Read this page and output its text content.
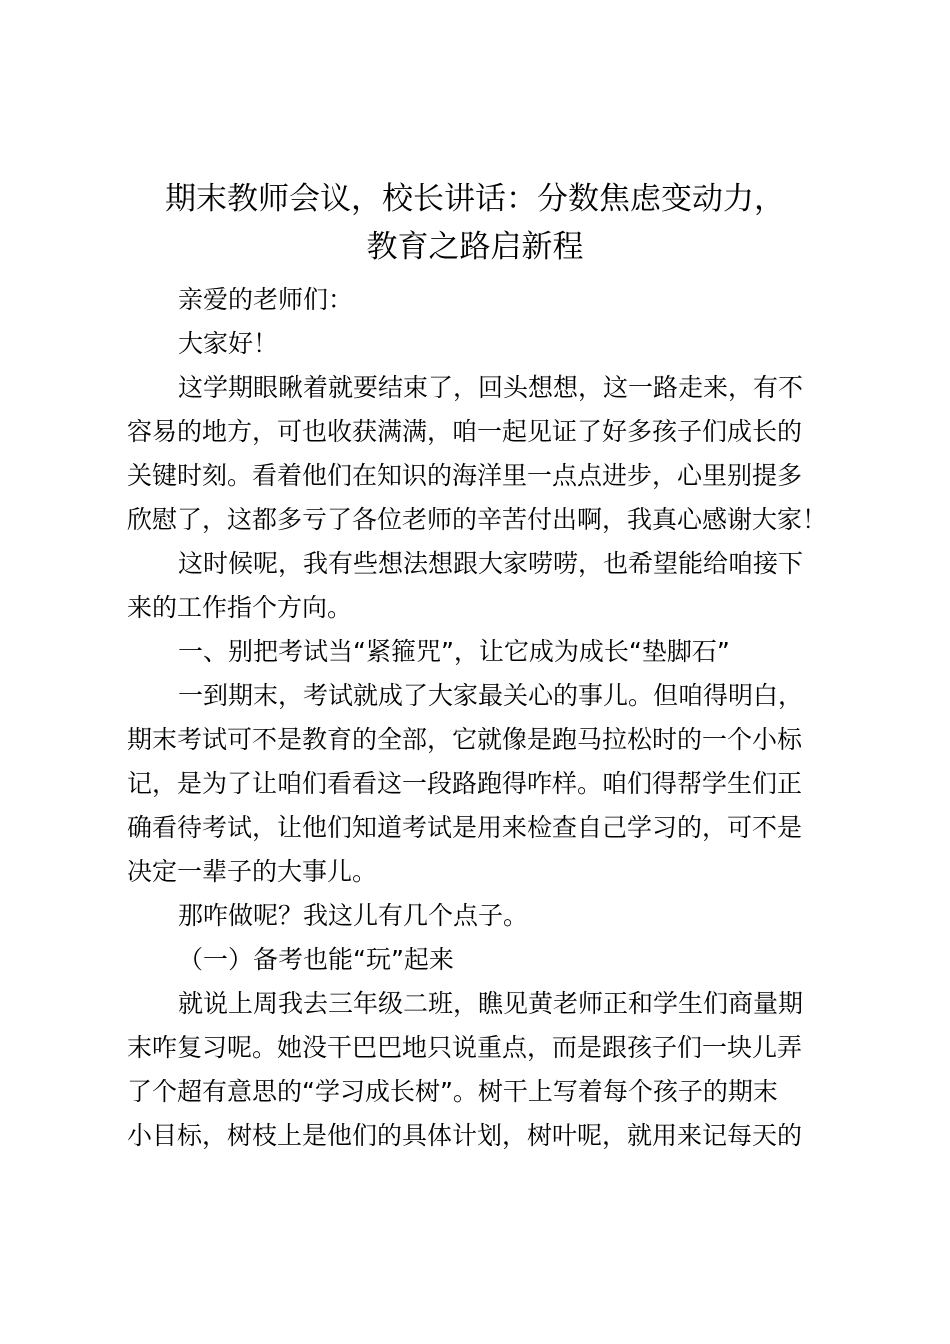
期末教师会议，校长讲话：分数焦虑变动力，
教育之路启新程

亲爱的老师们：

大家好！

这学期眼瞅着就要结束了，回头想想，这一路走来，有不

容易的地方，可也收获满满，咱一起见证了好多孩子们成长的

关键时刻。看着他们在知识的海洋里一点点进步，心里别提多

欣慰了，这都多亏了各位老师的辛苦付出啊，我真心感谢大家！

这时候呢，我有些想法想跟大家唠唠，也希望能给咱接下

来的工作指个方向。

一、别把考试当“紧箍咒”，让它成为成长“垫脚石”

一到期末，考试就成了大家最关心的事儿。但咱得明白，

期末考试可不是教育的全部，它就像是跑马拉松时的一个小标

记，是为了让咱们看看这一段路跑得咋样。咱们得帮学生们正

确看待考试，让他们知道考试是用来检查自己学习的，可不是

决定一辈子的大事儿。

那咋做呢？我这儿有几个点子。

（一）备考也能“玩”起来

就说上周我去三年级二班，瞧见黄老师正和学生们商量期

末咋复习呢。她没干巴巴地只说重点，而是跟孩子们一块儿弄

了个超有意思的“学习成长树”。树干上写着每个孩子的期末

小目标，树枝上是他们的具体计划，树叶呢，就用来记每天的
